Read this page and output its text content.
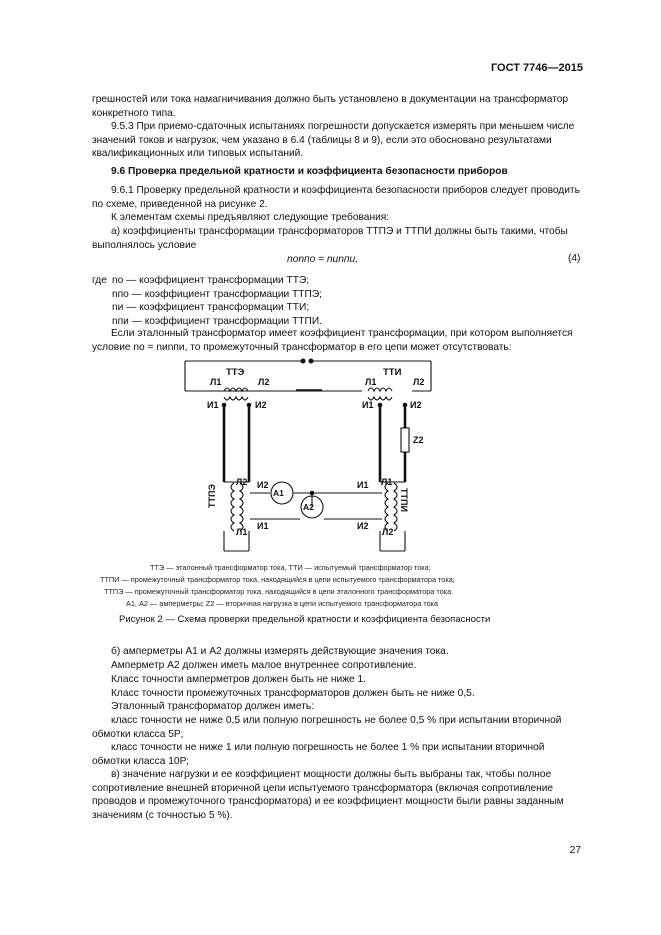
ГОСТ 7746—2015
грешностей или тока намагничивания должно быть установлено в документации на трансформатор конкретного типа.
9.5.3 При приемо-сдаточных испытаниях погрешности допускается измерять при меньшем числе значений токов и нагрузок, чем указано в 6.4 (таблицы 8 и 9), если это обосновано результатами квалификационных или типовых испытаний.
9.6 Проверка предельной кратности и коэффициента безопасности приборов
9.6.1 Проверку предельной кратности и коэффициента безопасности приборов следует проводить по схеме, приведенной на рисунке 2.
К элементам схемы предъявляют следующие требования:
а) коэффициенты трансформации трансформаторов ТТПЭ и ТТПИ должны быть такими, чтобы выполнялось условие
nоnпо = nиnпи,	(4)
где nо — коэффициент трансформации ТТЭ;
nпо — коэффициент трансформации ТТПЭ;
nи — коэффициент трансформации ТТИ;
nпи — коэффициент трансформации ТТПИ.
Если эталонный трансформатор имеет коэффициент трансформации, при котором выполняется
условие nо = nиnпи, то промежуточный трансформатор в его цепи может отсутствовать:
ТТЭ	ТТИ
Л1	Л2	Л1	Л2
И1	И2	И1	И2
Z2
Л2 И2	И1 Л1
А1
А2
И1	И2
Л1	Л2
ТТПЭ	ТТПИ
ТТЭ — эталонный трансформатор тока, ТТИ — испытуемый трансформатор тока;
ТТПИ — промежуточный трансформатор тока, находящийся в цепи испытуемого трансформатора тока;
ТТПЭ — промежуточный трансформатор тока, находящийся в цепи эталонного трансформатора тока.
А1, А2 — амперметры; Z2 — вторичная нагрузка в цепи испытуемого трансформатора тока
Рисунок 2 — Схема проверки предельной кратности и коэффициента безопасности
б) амперметры А1 и А2 должны измерять действующие значения тока.
Амперметр А2 должен иметь малое внутреннее сопротивление.
Класс точности амперметров должен быть не ниже 1.
Класс точности промежуточных трансформаторов должен быть не ниже 0,5.
Эталонный трансформатор должен иметь:
класс точности не ниже 0,5 или полную погрешность не более 0,5 % при испытании вторичной обмотки класса 5Р;
класс точности не ниже 1 или полную погрешность не более 1 % при испытании вторичной обмотки класса 10Р;
в) значение нагрузки и ее коэффициент мощности должны быть выбраны так, чтобы полное сопротивление внешней вторичной цепи испытуемого трансформатора (включая сопротивление проводов и промежуточного трансформатора) и ее коэффициент мощности были равны заданным значениям (с точностью 5 %).
27
